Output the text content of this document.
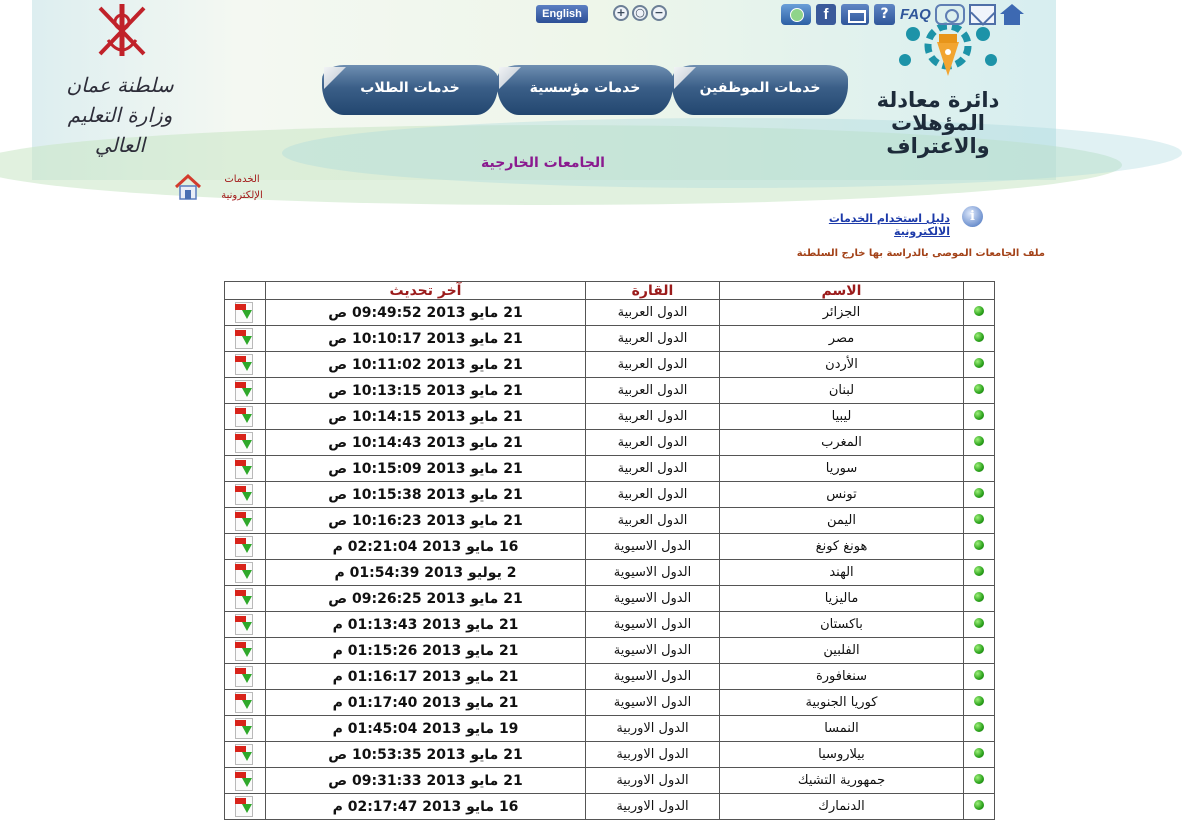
سلطنة عمان
وزارة التعليم العالي
دائرة معادلة
المؤهلات والاعتراف
English	+ ○ −	f	? FAQ
خدمات الموظفين
خدمات مؤسسية
خدمات الطلاب
الجامعات الخارجية
الخدمات الإلكترونية
i
دليل استخدام الخدمات الالكترونية
ملف الجامعات الموصى بالدراسة بها خارج السلطنة
	آخر تحديث	القارة	الاسم	

	21 مايو 2013 09:49:52 ص	الدول العربية	الجزائر	

	21 مايو 2013 10:10:17 ص	الدول العربية	مصر	

	21 مايو 2013 10:11:02 ص	الدول العربية	الأردن	

	21 مايو 2013 10:13:15 ص	الدول العربية	لبنان	

	21 مايو 2013 10:14:15 ص	الدول العربية	ليبيا	

	21 مايو 2013 10:14:43 ص	الدول العربية	المغرب	

	21 مايو 2013 10:15:09 ص	الدول العربية	سوريا	

	21 مايو 2013 10:15:38 ص	الدول العربية	تونس	

	21 مايو 2013 10:16:23 ص	الدول العربية	اليمن	

	16 مايو 2013 02:21:04 م	الدول الاسيوية	هونغ كونغ	

	2 يوليو 2013 01:54:39 م	الدول الاسيوية	الهند	

	21 مايو 2013 09:26:25 ص	الدول الاسيوية	ماليزيا	

	21 مايو 2013 01:13:43 م	الدول الاسيوية	باكستان	

	21 مايو 2013 01:15:26 م	الدول الاسيوية	الفلبين	

	21 مايو 2013 01:16:17 م	الدول الاسيوية	سنغافورة	

	21 مايو 2013 01:17:40 م	الدول الاسيوية	كوريا الجنوبية	

	19 مايو 2013 01:45:04 م	الدول الاوربية	النمسا	

	21 مايو 2013 10:53:35 ص	الدول الاوربية	بيلاروسيا	

	21 مايو 2013 09:31:33 ص	الدول الاوربية	جمهورية التشيك	

	16 مايو 2013 02:17:47 م	الدول الاوربية	الدنمارك	
